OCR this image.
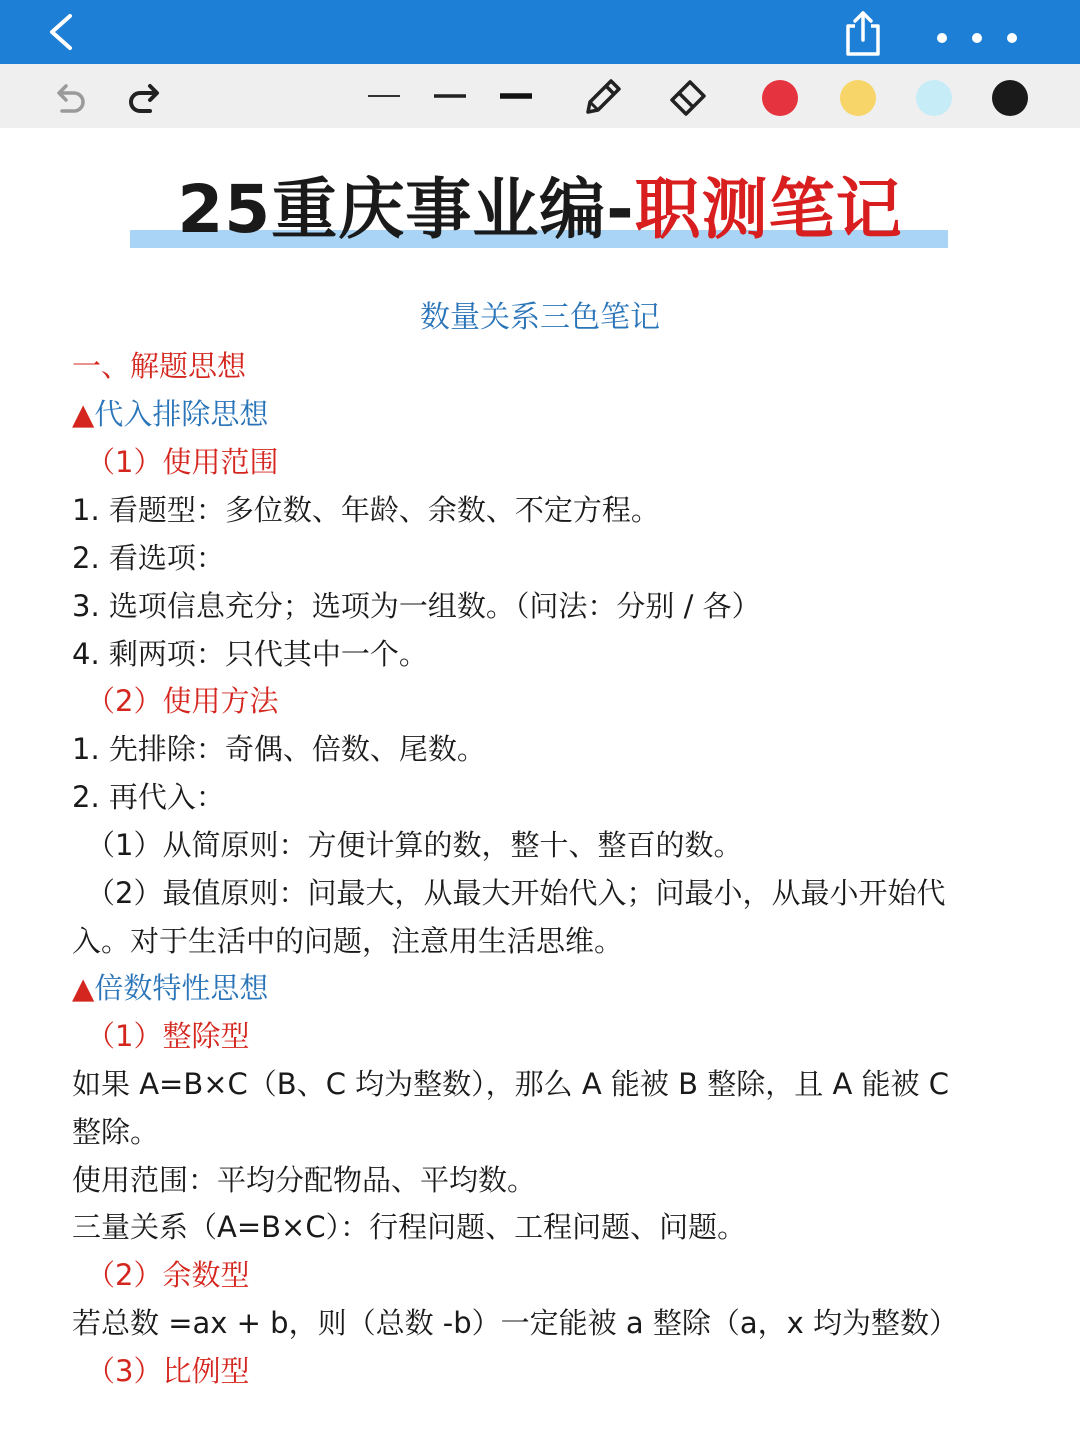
25重庆事业编-职测笔记
数量关系三色笔记
一、解题思想
▲代入排除思想
（1）使用范围
1. 看题型：多位数、年龄、余数、不定方程。
2. 看选项：
3. 选项信息充分；选项为一组数。（问法：分别 / 各）
4. 剩两项：只代其中一个。
（2）使用方法
1. 先排除：奇偶、倍数、尾数。
2. 再代入：
（1）从简原则：方便计算的数，整十、整百的数。
（2）最值原则：问最大，从最大开始代入；问最小，从最小开始代
入。对于生活中的问题，注意用生活思维。
▲倍数特性思想
（1）整除型
如果 A=B×C（B、C 均为整数），那么 A 能被 B 整除，且 A 能被 C
整除。
使用范围：平均分配物品、平均数。
三量关系（A=B×C）：行程问题、工程问题、问题。
（2）余数型
若总数 =ax + b，则（总数 -b）一定能被 a 整除（a，x 均为整数）
（3）比例型
